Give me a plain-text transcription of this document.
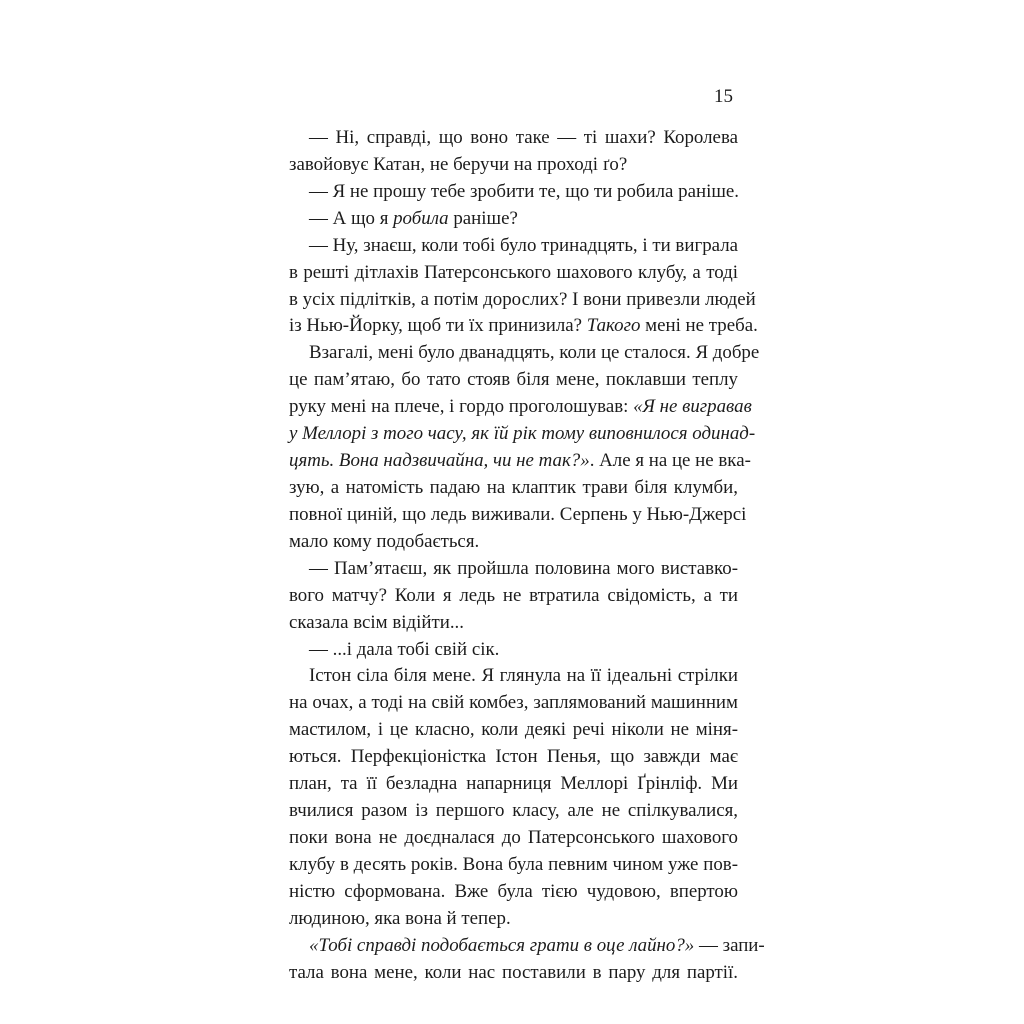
15
— Ні, справді, що воно таке — ті шахи? Королева
завойовує Катан, не беручи на проході ґо?
— Я не прошу тебе зробити те, що ти робила раніше.
— А що я робила раніше?
— Ну, знаєш, коли тобі було тринадцять, і ти виграла
в решті дітлахів Патерсонського шахового клубу, а тоді
в усіх підлітків, а потім дорослих? І вони привезли людей
із Нью-Йорку, щоб ти їх принизила? Такого мені не треба.
Взагалі, мені було дванадцять, коли це сталося. Я добре
це пам’ятаю, бо тато стояв біля мене, поклавши теплу
руку мені на плече, і гордо проголошував: «Я не вигравав
у Меллорі з того часу, як їй рік тому виповнилося одинад-
цять. Вона надзвичайна, чи не так?». Але я на це не вка-
зую, а натомість падаю на клаптик трави біля клумби,
повної циній, що ледь виживали. Серпень у Нью-Джерсі
мало кому подобається.
— Пам’ятаєш, як пройшла половина мого виставко-
вого матчу? Коли я ледь не втратила свідомість, а ти
сказала всім відійти...
— ...і дала тобі свій сік.
Істон сіла біля мене. Я глянула на її ідеальні стрілки
на очах, а тоді на свій комбез, заплямований машинним
мастилом, і це класно, коли деякі речі ніколи не міня-
ються. Перфекціоністка Істон Пенья, що завжди має
план, та її безладна напарниця Меллорі Ґрінліф. Ми
вчилися разом із першого класу, але не спілкувалися,
поки вона не доєдналася до Патерсонського шахового
клубу в десять років. Вона була певним чином уже пов-
ністю сформована. Вже була тією чудовою, впертою
людиною, яка вона й тепер.
«Тобі справді подобається грати в оце лайно?» — запи-
тала вона мене, коли нас поставили в пару для партії.
